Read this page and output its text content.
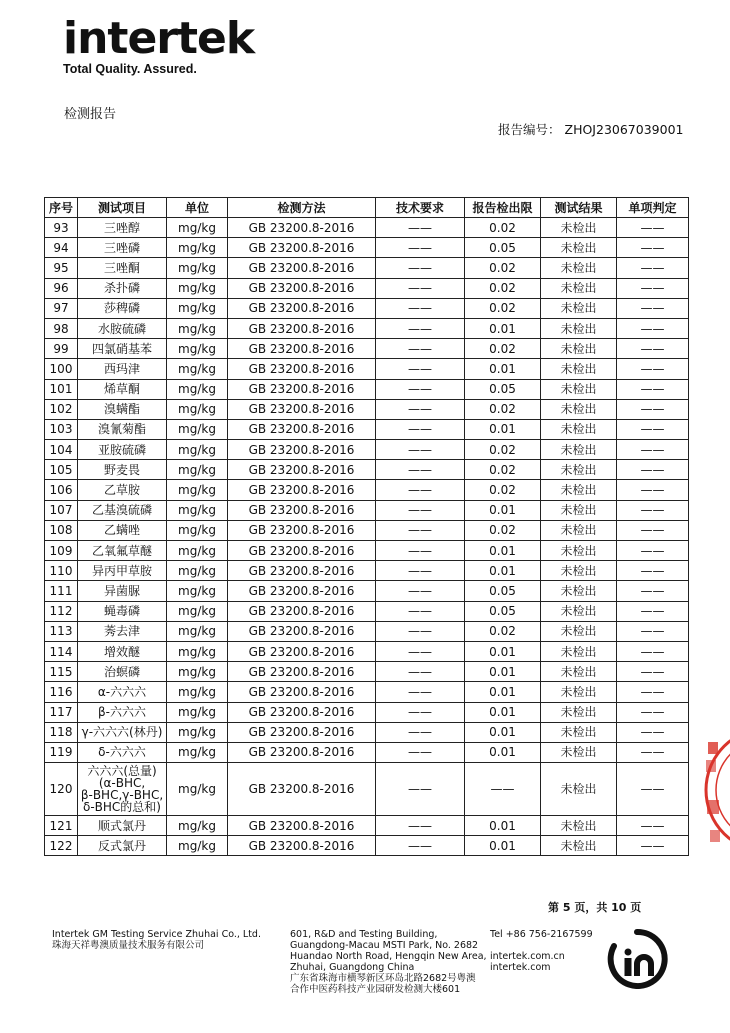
intertek
Total Quality. Assured.
检测报告
报告编号： ZHOJ23067039001
序号	测试项目	单位	检测方法	技术要求	报告检出限	测试结果	单项判定
93	三唑醇	mg/kg	GB 23200.8-2016	——	0.02	未检出	——
94	三唑磷	mg/kg	GB 23200.8-2016	——	0.05	未检出	——
95	三唑酮	mg/kg	GB 23200.8-2016	——	0.02	未检出	——
96	杀扑磷	mg/kg	GB 23200.8-2016	——	0.02	未检出	——
97	莎稗磷	mg/kg	GB 23200.8-2016	——	0.02	未检出	——
98	水胺硫磷	mg/kg	GB 23200.8-2016	——	0.01	未检出	——
99	四氯硝基苯	mg/kg	GB 23200.8-2016	——	0.02	未检出	——
100	西玛津	mg/kg	GB 23200.8-2016	——	0.01	未检出	——
101	烯草酮	mg/kg	GB 23200.8-2016	——	0.05	未检出	——
102	溴螨酯	mg/kg	GB 23200.8-2016	——	0.02	未检出	——
103	溴氰菊酯	mg/kg	GB 23200.8-2016	——	0.01	未检出	——
104	亚胺硫磷	mg/kg	GB 23200.8-2016	——	0.02	未检出	——
105	野麦畏	mg/kg	GB 23200.8-2016	——	0.02	未检出	——
106	乙草胺	mg/kg	GB 23200.8-2016	——	0.02	未检出	——
107	乙基溴硫磷	mg/kg	GB 23200.8-2016	——	0.01	未检出	——
108	乙螨唑	mg/kg	GB 23200.8-2016	——	0.02	未检出	——
109	乙氧氟草醚	mg/kg	GB 23200.8-2016	——	0.01	未检出	——
110	异丙甲草胺	mg/kg	GB 23200.8-2016	——	0.01	未检出	——
111	异菌脲	mg/kg	GB 23200.8-2016	——	0.05	未检出	——
112	蝇毒磷	mg/kg	GB 23200.8-2016	——	0.05	未检出	——
113	莠去津	mg/kg	GB 23200.8-2016	——	0.02	未检出	——
114	增效醚	mg/kg	GB 23200.8-2016	——	0.01	未检出	——
115	治螟磷	mg/kg	GB 23200.8-2016	——	0.01	未检出	——
116	α-六六六	mg/kg	GB 23200.8-2016	——	0.01	未检出	——
117	β-六六六	mg/kg	GB 23200.8-2016	——	0.01	未检出	——
118	γ-六六六(林丹)	mg/kg	GB 23200.8-2016	——	0.01	未检出	——
119	δ-六六六	mg/kg	GB 23200.8-2016	——	0.01	未检出	——
120	六六六(总量)
(α-BHC,
β-BHC,γ-BHC,
δ-BHC的总和)	mg/kg	GB 23200.8-2016	——	——	未检出	——
121	顺式氯丹	mg/kg	GB 23200.8-2016	——	0.01	未检出	——
122	反式氯丹	mg/kg	GB 23200.8-2016	——	0.01	未检出	——
第 5 页，共 10 页
Intertek GM Testing Service Zhuhai Co., Ltd.
珠海天祥粤澳质量技术服务有限公司
601, R&D and Testing Building,
Guangdong-Macau MSTI Park, No. 2682
Huandao North Road, Hengqin New Area,
Zhuhai, Guangdong China
广东省珠海市横琴新区环岛北路2682号粤澳
合作中医药科技产业园研发检测大楼601
Tel +86 756-2167599
intertek.com.cn
intertek.com
